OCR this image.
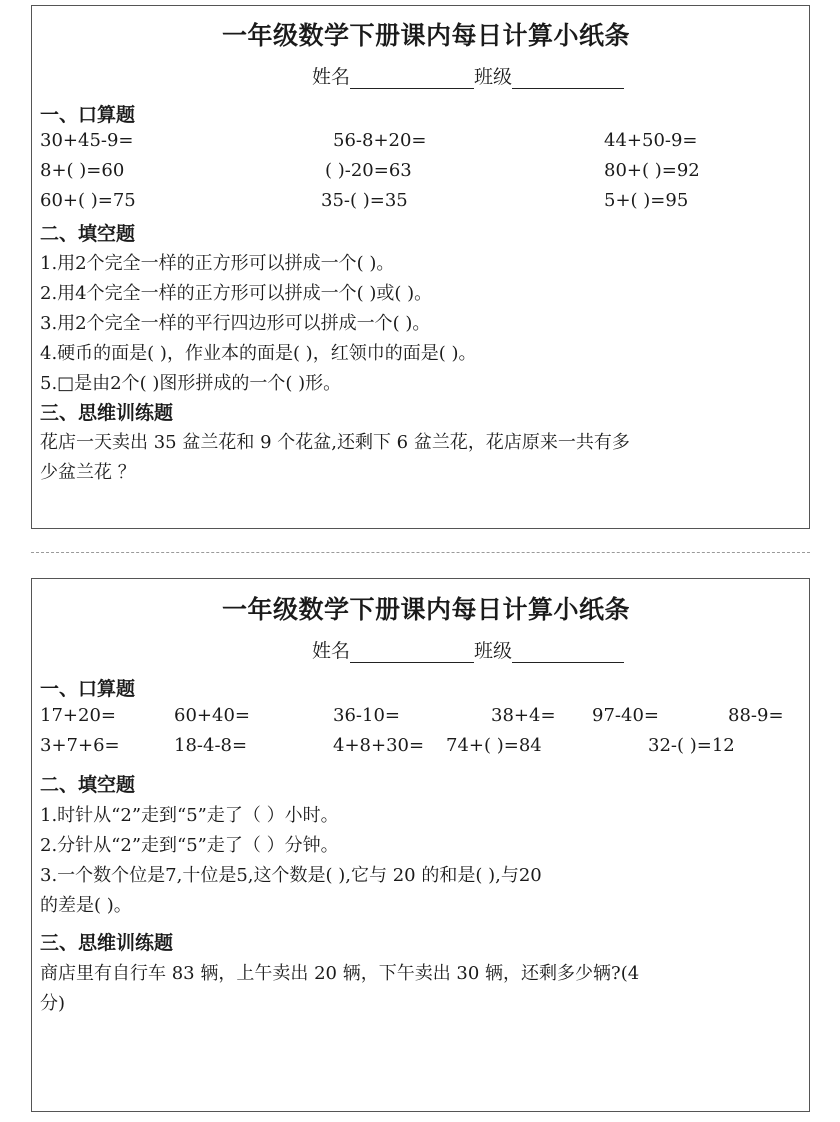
一年级数学下册课内每日计算小纸条
姓名	班级
一、口算题
30+45-9=	56-8+20=	44+50-9=
8+( )=60	( )-20=63	80+( )=92
60+( )=75	35-( )=35	5+( )=95
二、填空题
1.用2个完全一样的正方形可以拼成一个( )。
2.用4个完全一样的正方形可以拼成一个( )或( )。
3.用2个完全一样的平行四边形可以拼成一个( )。
4.硬币的面是( )，作业本的面是( )，红领巾的面是( )。
5.□是由2个( )图形拼成的一个( )形。
三、思维训练题
花店一天卖出 35 盆兰花和 9 个花盆,还剩下 6 盆兰花，花店原来一共有多
少盆兰花 ？
一年级数学下册课内每日计算小纸条
姓名	班级
一、口算题
17+20=	60+40=	36-10=	38+4= 97-40=	88-9=
3+7+6=	18-4-8=	4+8+30= 74+( )=84	32-( )=12
二、填空题
1.时针从“2”走到“5”走了（ ）小时。
2.分针从“2”走到“5”走了（ ）分钟。
3.一个数个位是7,十位是5,这个数是( ),它与 20 的和是( ),与20
的差是( )。
三、思维训练题
商店里有自行车 83 辆，上午卖出 20 辆，下午卖出 30 辆，还剩多少辆?(4
分)
